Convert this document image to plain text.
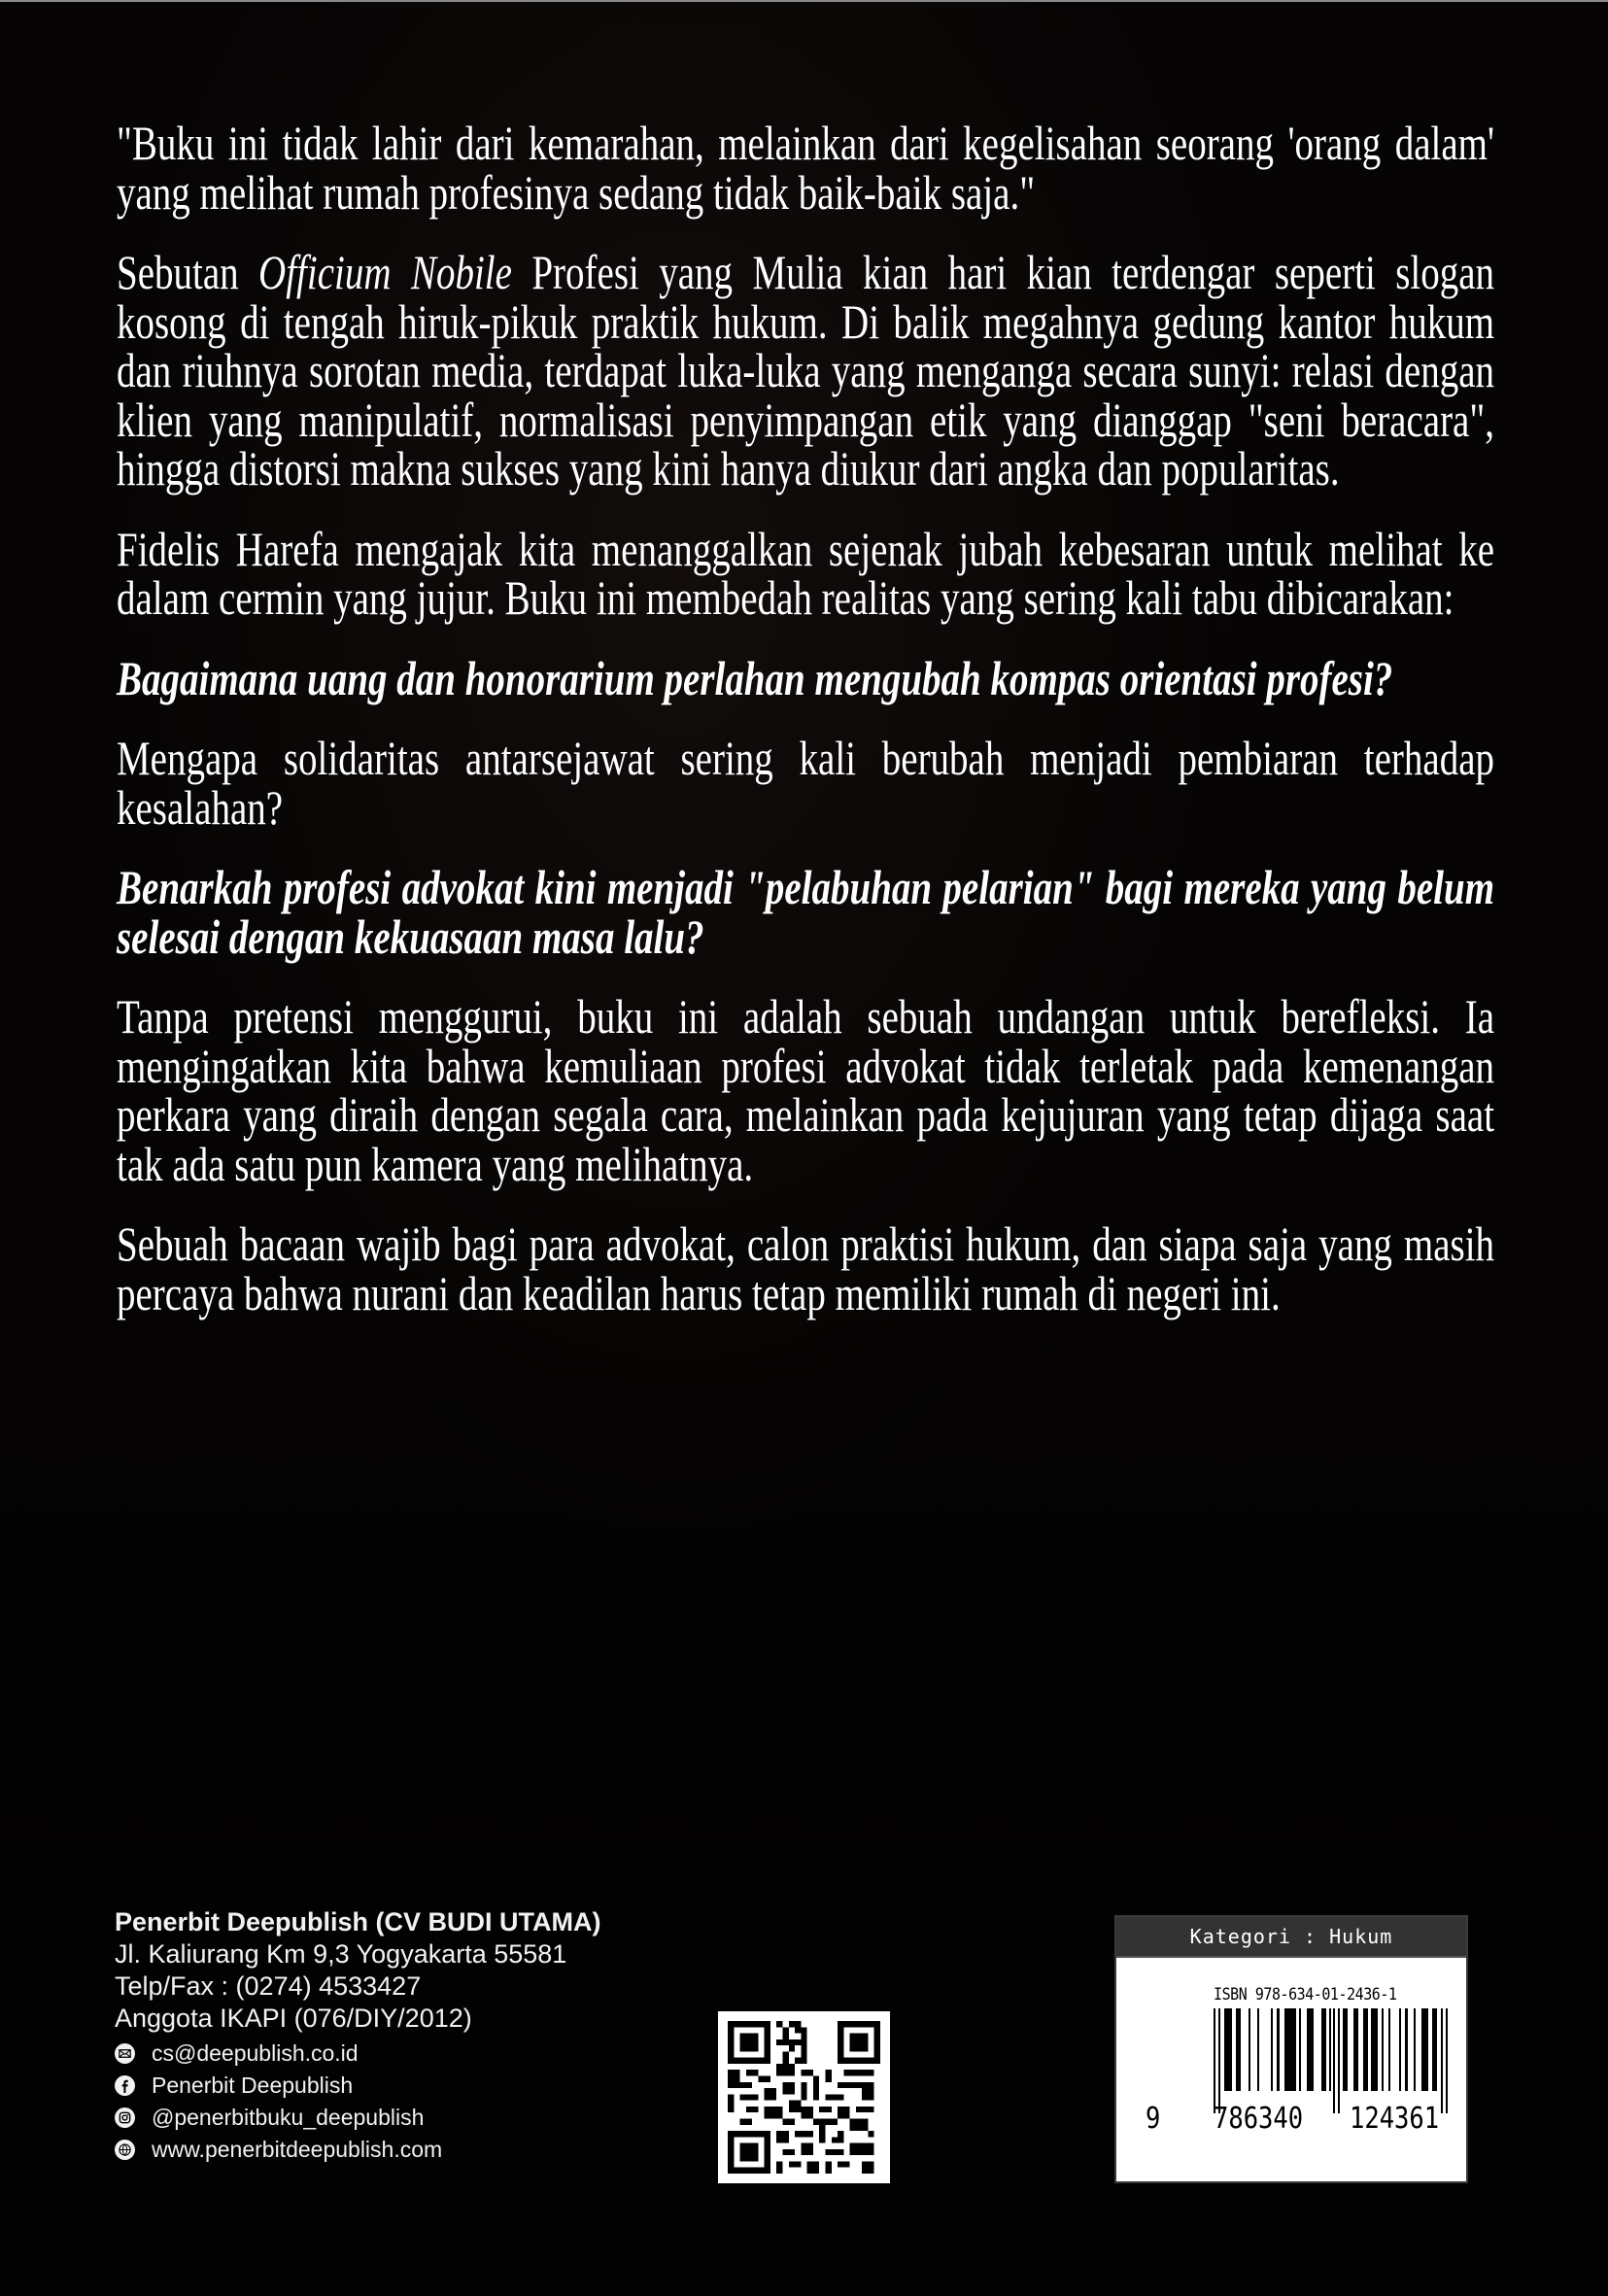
"Buku ini tidak lahir dari kemarahan, melainkan dari kegelisahan seorang 'orang dalam' yang melihat rumah profesinya sedang tidak baik-baik saja."

Sebutan Officium Nobile Profesi yang Mulia kian hari kian terdengar seperti slogan kosong di tengah hiruk-pikuk praktik hukum. Di balik megahnya gedung kantor hukum dan riuhnya sorotan media, terdapat luka-luka yang menganga secara sunyi: relasi dengan klien yang manipulatif, normalisasi penyimpangan etik yang dianggap "seni beracara", hingga distorsi makna sukses yang kini hanya diukur dari angka dan popularitas.

Fidelis Harefa mengajak kita menanggalkan sejenak jubah kebesaran untuk melihat ke dalam cermin yang jujur. Buku ini membedah realitas yang sering kali tabu dibicarakan:

Bagaimana uang dan honorarium perlahan mengubah kompas orientasi profesi?

Mengapa solidaritas antarsejawat sering kali berubah menjadi pembiaran terhadap kesalahan?

Benarkah profesi advokat kini menjadi "pelabuhan pelarian" bagi mereka yang belum selesai dengan kekuasaan masa lalu?

Tanpa pretensi menggurui, buku ini adalah sebuah undangan untuk berefleksi. Ia mengingatkan kita bahwa kemuliaan profesi advokat tidak terletak pada kemenangan perkara yang diraih dengan segala cara, melainkan pada kejujuran yang tetap dijaga saat tak ada satu pun kamera yang melihatnya.

Sebuah bacaan wajib bagi para advokat, calon praktisi hukum, dan siapa saja yang masih percaya bahwa nurani dan keadilan harus tetap memiliki rumah di negeri ini.

Penerbit Deepublish (CV BUDI UTAMA)
Jl. Kaliurang Km 9,3 Yogyakarta 55581
Telp/Fax : (0274) 4533427
Anggota IKAPI (076/DIY/2012)
cs@deepublish.co.id
Penerbit Deepublish
@penerbitbuku_deepublish
www.penerbitdeepublish.com
Kategori : Hukum
ISBN 978-634-01-2436-1
9 786340 124361
